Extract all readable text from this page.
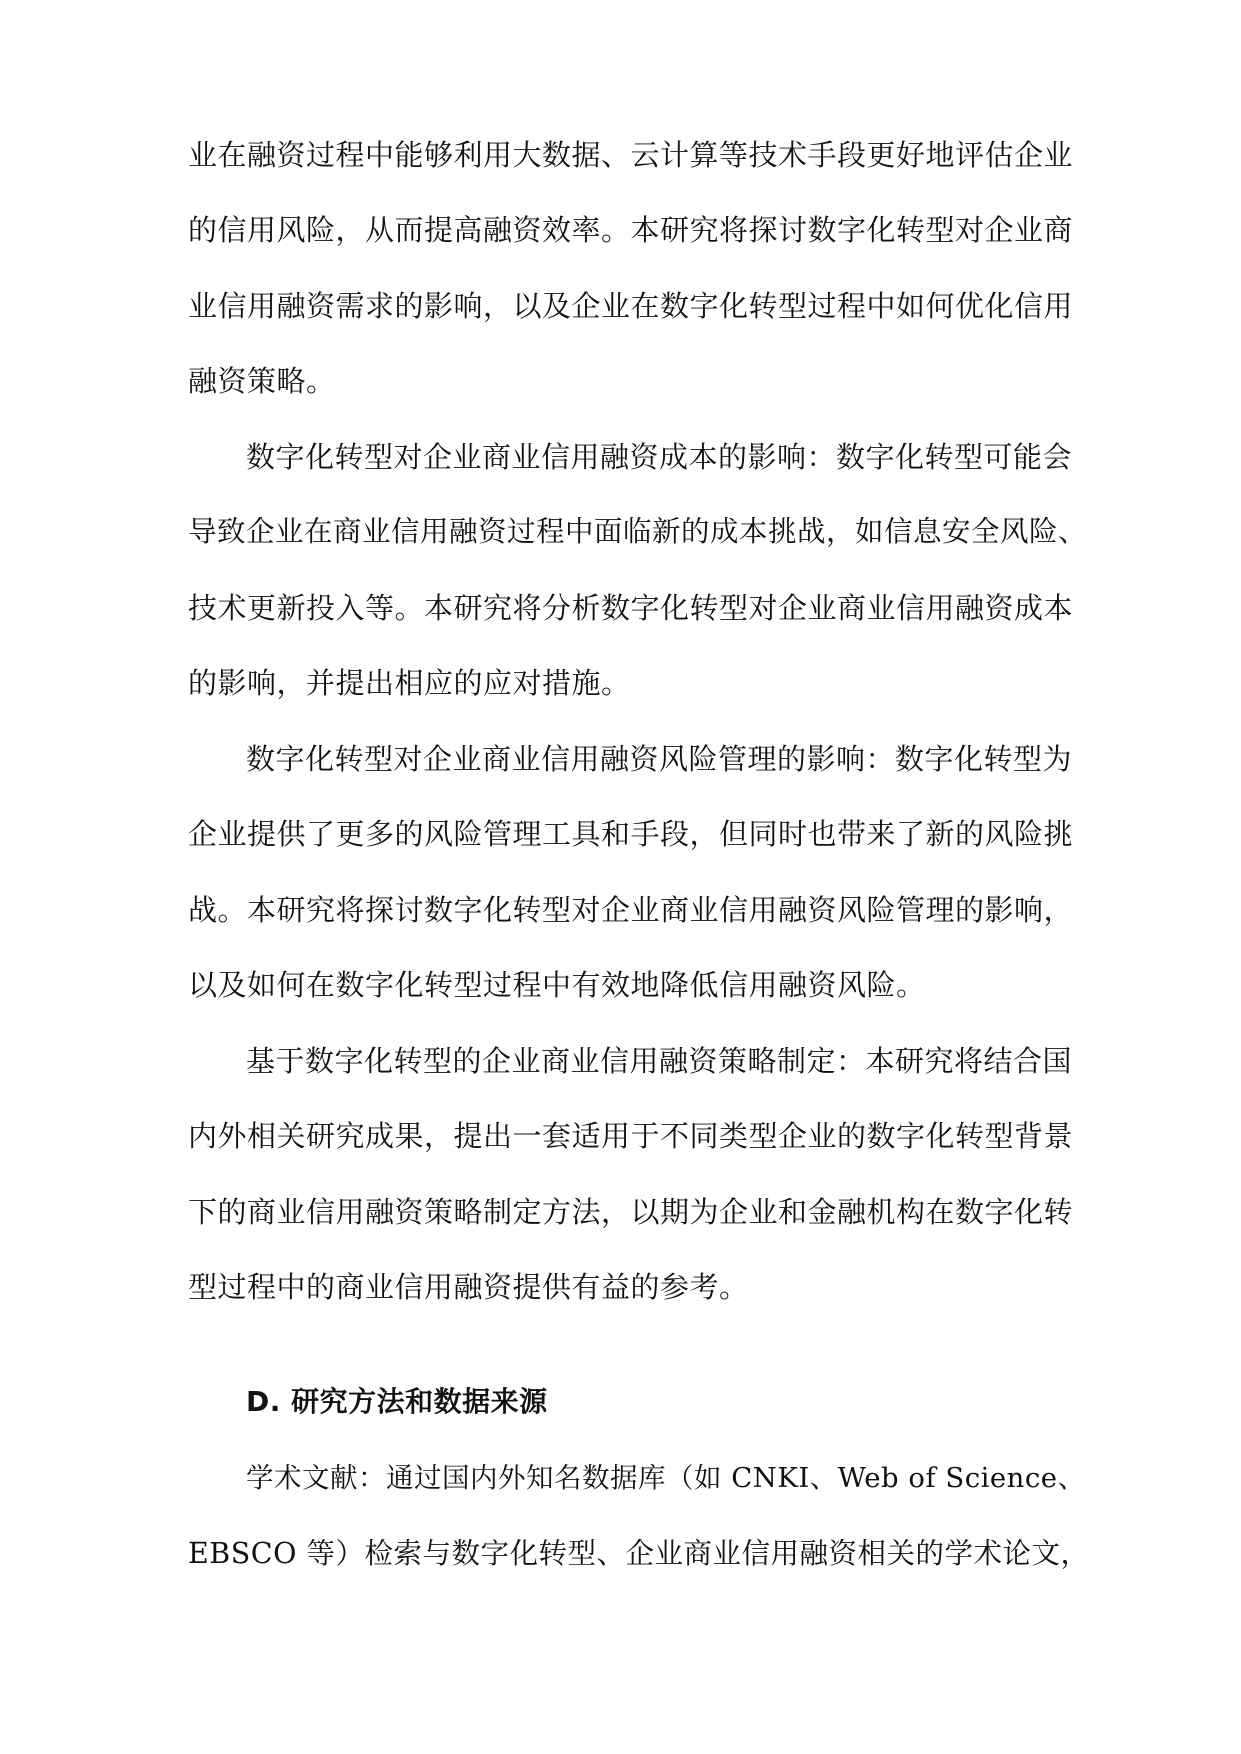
业在融资过程中能够利用大数据、云计算等技术手段更好地评估企业
的信用风险，从而提高融资效率。本研究将探讨数字化转型对企业商
业信用融资需求的影响，以及企业在数字化转型过程中如何优化信用
融资策略。
数字化转型对企业商业信用融资成本的影响：数字化转型可能会
导致企业在商业信用融资过程中面临新的成本挑战，如信息安全风险、
技术更新投入等。本研究将分析数字化转型对企业商业信用融资成本
的影响，并提出相应的应对措施。
数字化转型对企业商业信用融资风险管理的影响：数字化转型为
企业提供了更多的风险管理工具和手段，但同时也带来了新的风险挑
战。本研究将探讨数字化转型对企业商业信用融资风险管理的影响，
以及如何在数字化转型过程中有效地降低信用融资风险。
基于数字化转型的企业商业信用融资策略制定：本研究将结合国
内外相关研究成果，提出一套适用于不同类型企业的数字化转型背景
下的商业信用融资策略制定方法，以期为企业和金融机构在数字化转
型过程中的商业信用融资提供有益的参考。
D. 研究方法和数据来源
学术文献：通过国内外知名数据库（如 CNKI、Web of Science、
EBSCO 等）检索与数字化转型、企业商业信用融资相关的学术论文，
